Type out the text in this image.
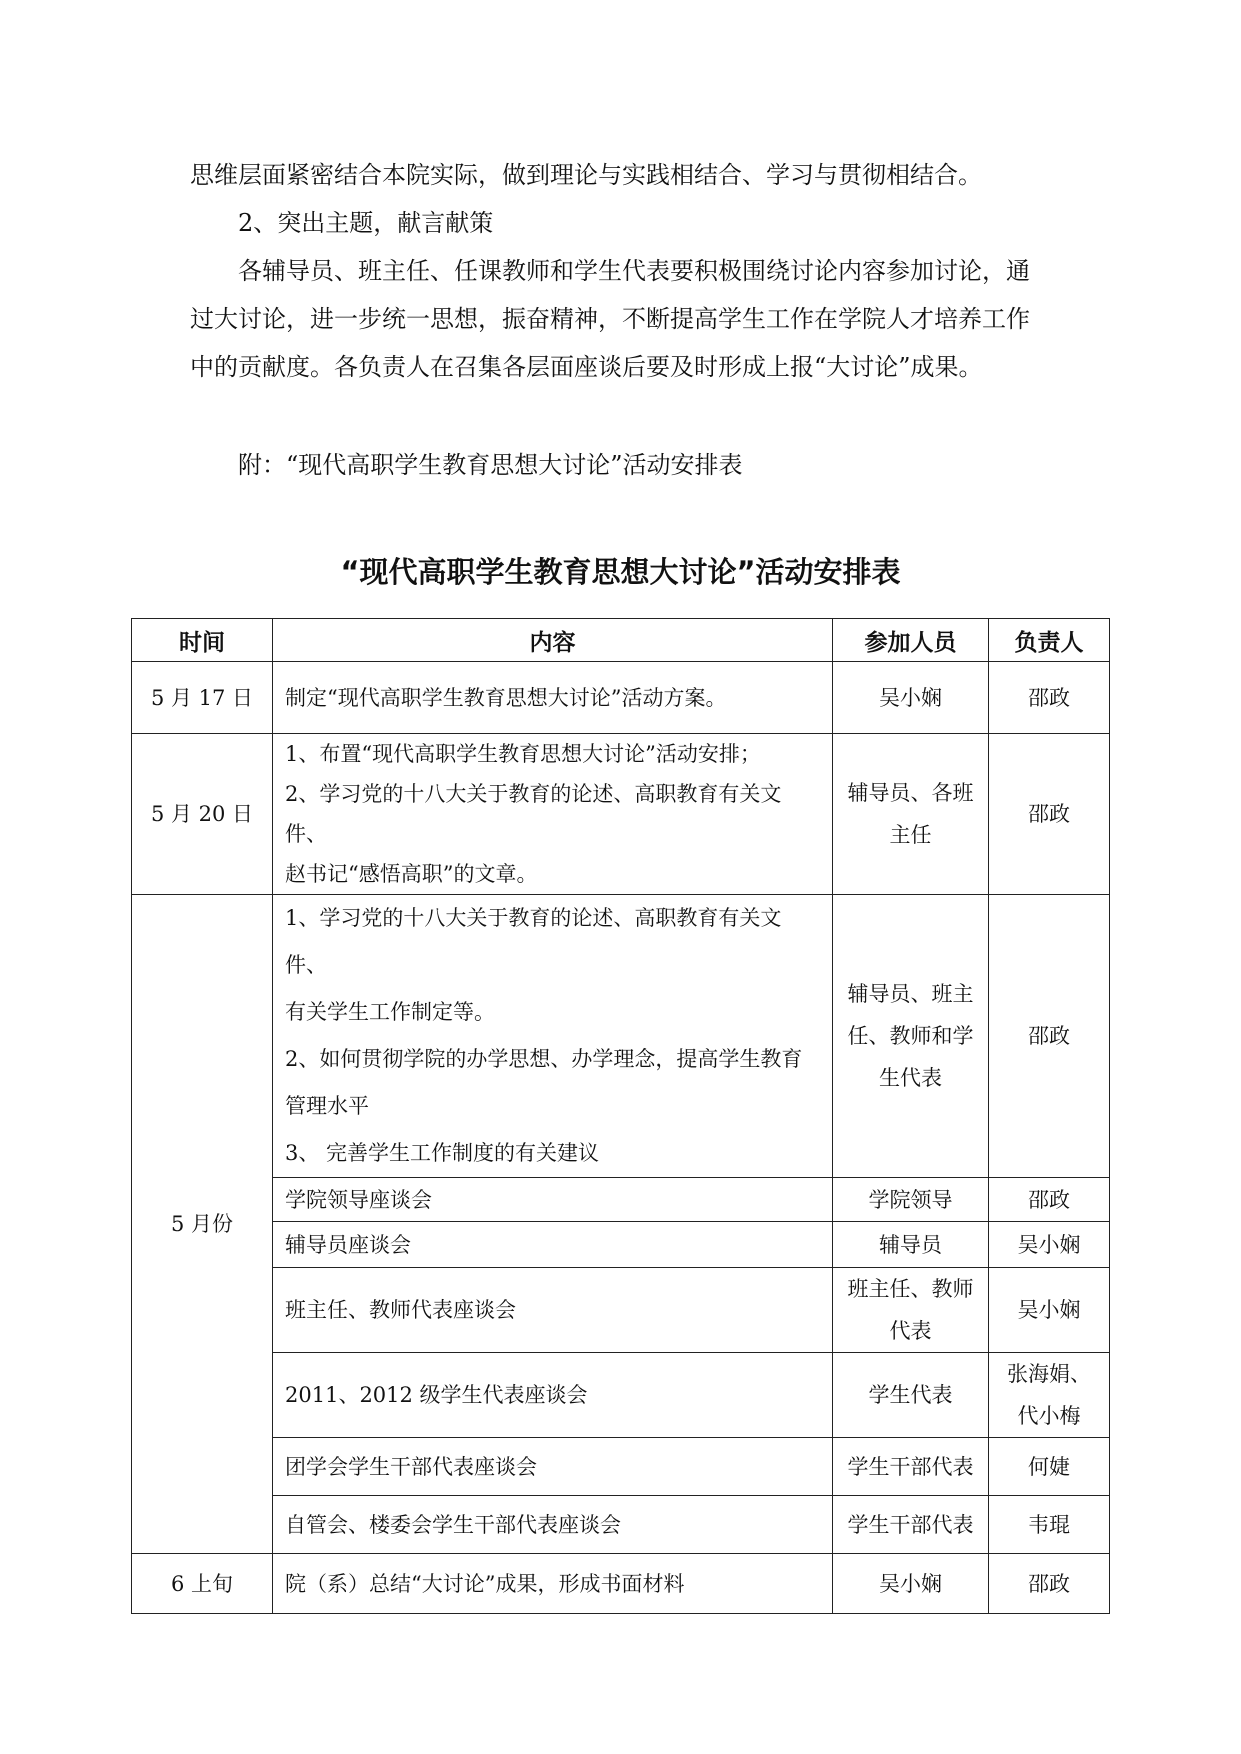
思维层面紧密结合本院实际，做到理论与实践相结合、学习与贯彻相结合。
2、突出主题，献言献策
各辅导员、班主任、任课教师和学生代表要积极围绕讨论内容参加讨论，通
过大讨论，进一步统一思想，振奋精神，不断提高学生工作在学院人才培养工作
中的贡献度。各负责人在召集各层面座谈后要及时形成上报“大讨论”成果。
附：“现代高职学生教育思想大讨论”活动安排表
“现代高职学生教育思想大讨论”活动安排表
时间	内容	参加人员	负责人
5 月 17 日	制定“现代高职学生教育思想大讨论”活动方案。	吴小娴	邵政
5 月 20 日	1、布置“现代高职学生教育思想大讨论”活动安排；
2、学习党的十八大关于教育的论述、高职教育有关文件、
赵书记“感悟高职”的文章。	辅导员、各班
主任	邵政
5 月份	1、学习党的十八大关于教育的论述、高职教育有关文件、
有关学生工作制定等。
2、如何贯彻学院的办学思想、办学理念，提高学生教育
管理水平
3、 完善学生工作制度的有关建议	辅导员、班主
任、教师和学
生代表	邵政
	学院领导座谈会	学院领导	邵政
	辅导员座谈会	辅导员	吴小娴
	班主任、教师代表座谈会	班主任、教师
代表	吴小娴
	2011、2012 级学生代表座谈会	学生代表	张海娟、
代小梅

	团学会学生干部代表座谈会	学生干部代表	何婕
	自管会、楼委会学生干部代表座谈会	学生干部代表	韦琨
6 上旬	院（系）总结“大讨论”成果，形成书面材料	吴小娴	邵政
